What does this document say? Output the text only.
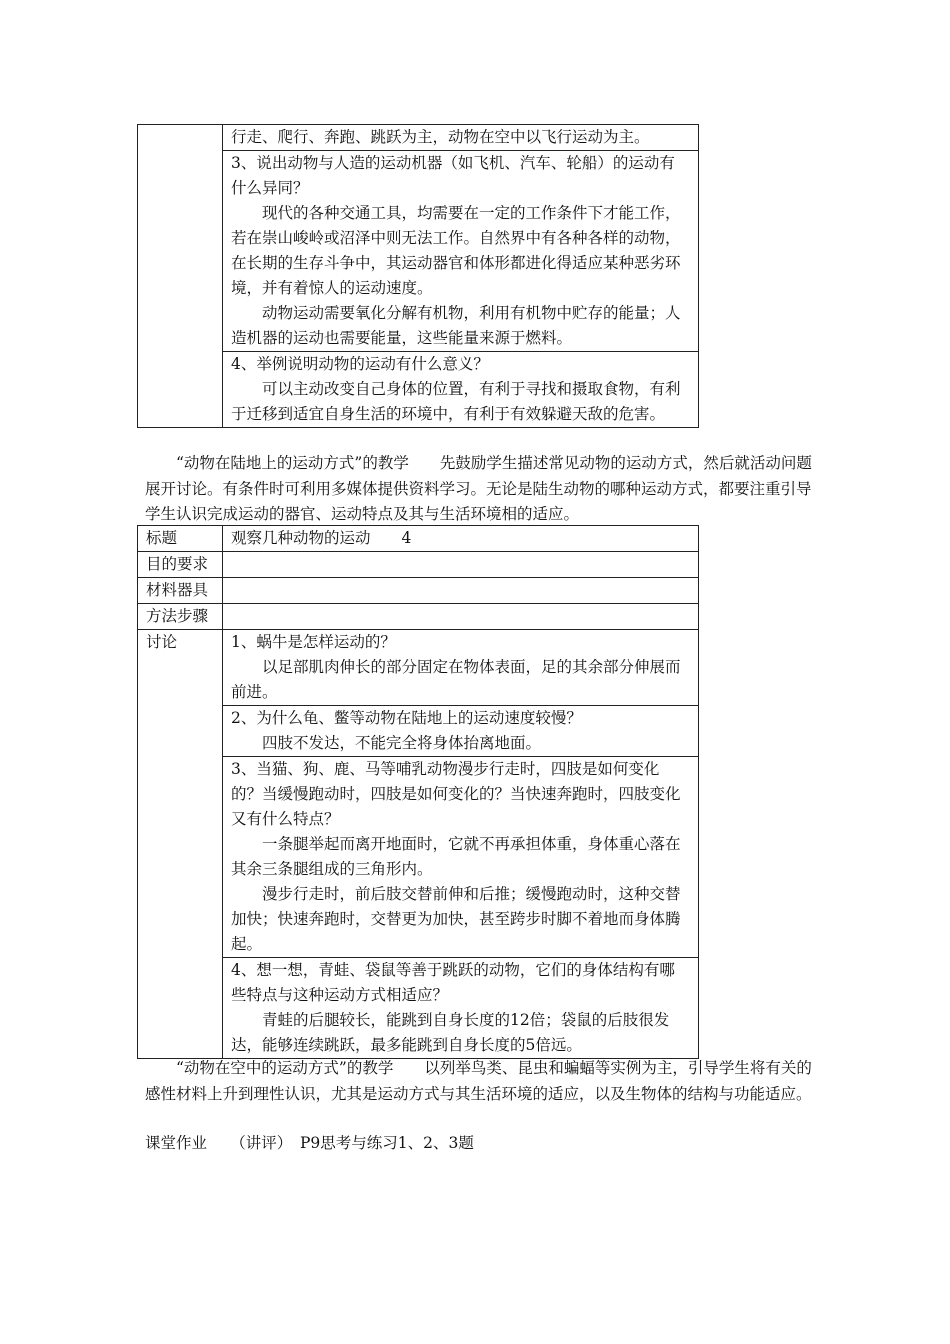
行走、爬行、奔跑、跳跃为主，动物在空中以飞行运动为主。

3、说出动物与人造的运动机器（如飞机、汽车、轮船）的运动有什么异同？
现代的各种交通工具，均需要在一定的工作条件下才能工作，若在崇山峻岭或沼泽中则无法工作。自然界中有各种各样的动物，在长期的生存斗争中，其运动器官和体形都进化得适应某种恶劣环境，并有着惊人的运动速度。
动物运动需要氧化分解有机物，利用有机物中贮存的能量；人造机器的运动也需要能量，这些能量来源于燃料。

4、举例说明动物的运动有什么意义？
可以主动改变自己身体的位置，有利于寻找和摄取食物，有利于迁移到适宜自身生活的环境中，有利于有效躲避天敌的危害。
“动物在陆地上的运动方式”的教学　　先鼓励学生描述常见动物的运动方式，然后就活动问题展开讨论。有条件时可利用多媒体提供资料学习。无论是陆生动物的哪种运动方式，都要注重引导学生认识完成运动的器官、运动特点及其与生活环境相的适应。
标题	观察几种动物的运动　　4
目的要求	
材料器具	
方法步骤	
讨论	1、蜗牛是怎样运动的？
以足部肌肉伸长的部分固定在物体表面，足的其余部分伸展而前进。

	2、为什么龟、鳖等动物在陆地上的运动速度较慢？
四肢不发达，不能完全将身体抬离地面。

	3、当猫、狗、鹿、马等哺乳动物漫步行走时，四肢是如何变化的？当缓慢跑动时，四肢是如何变化的？当快速奔跑时，四肢变化又有什么特点？
一条腿举起而离开地面时，它就不再承担体重，身体重心落在其余三条腿组成的三角形内。
漫步行走时，前后肢交替前伸和后推；缓慢跑动时，这种交替加快；快速奔跑时，交替更为加快，甚至跨步时脚不着地而身体腾起。

	4、想一想，青蛙、袋鼠等善于跳跃的动物，它们的身体结构有哪些特点与这种运动方式相适应？
青蛙的后腿较长，能跳到自身长度的12倍；袋鼠的后肢很发达，能够连续跳跃，最多能跳到自身长度的5倍远。
“动物在空中的运动方式”的教学　　以列举鸟类、昆虫和蝙蝠等实例为主，引导学生将有关的感性材料上升到理性认识，尤其是运动方式与其生活环境的适应，以及生物体的结构与功能适应。
课堂作业　　（讲评）　P9思考与练习1、2、3题
